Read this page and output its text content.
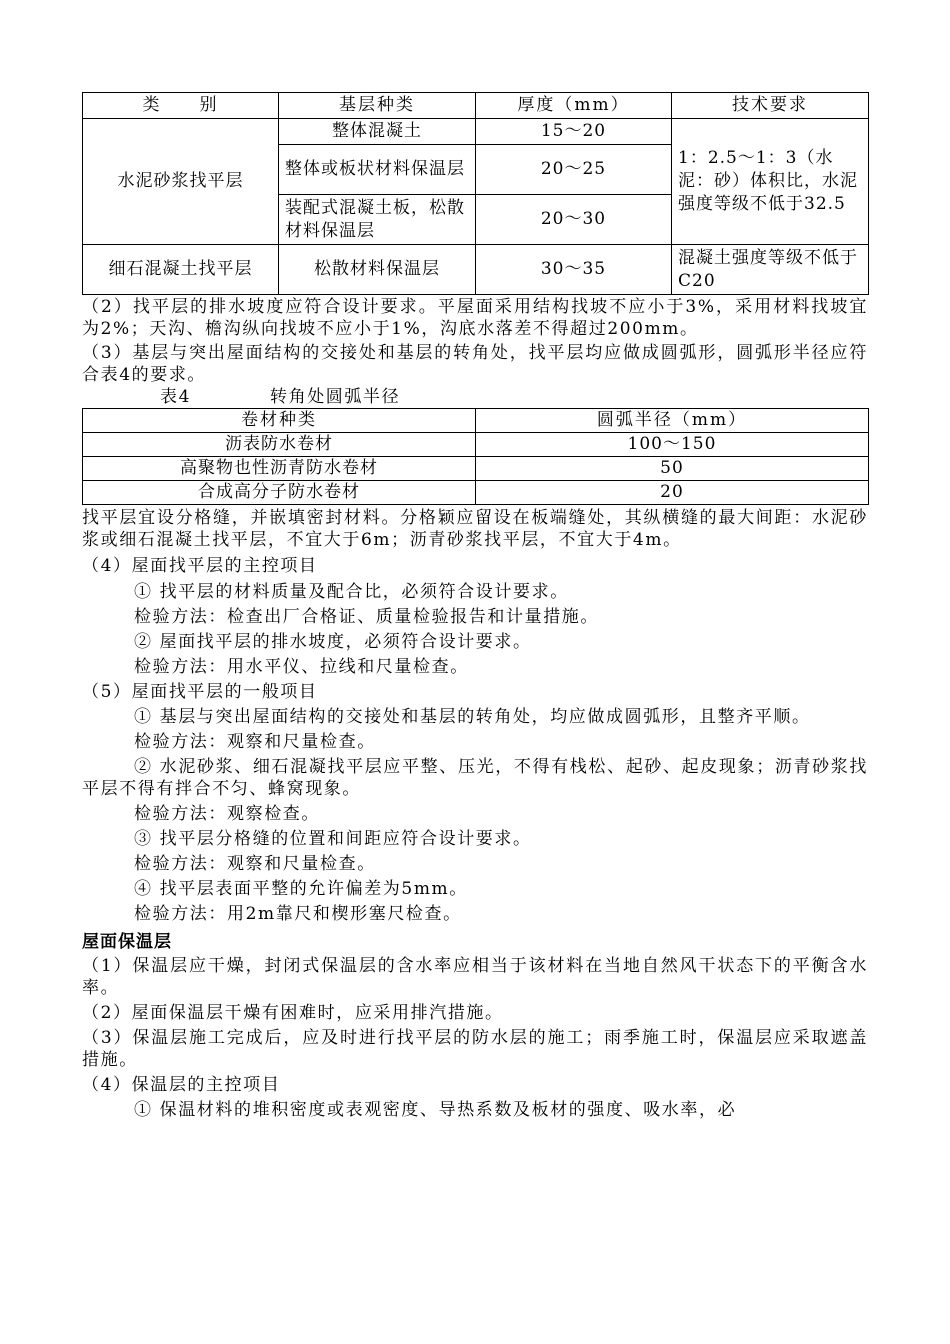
类　　别	基层种类	厚度（mm）	技术要求
水泥砂浆找平层	整体混凝土	15～20	1：2.5～1：3（水泥：砂）体积比，水泥强度等级不低于32.5
	整体或板状材料保温层	20～25	
	装配式混凝土板，松散材料保温层	20～30	
细石混凝土找平层	松散材料保温层	30～35	混凝土强度等级不低于C20

（2）找平层的排水坡度应符合设计要求。平屋面采用结构找坡不应小于3%，采用材料找坡宜为2%；天沟、檐沟纵向找坡不应小于1%，沟底水落差不得超过200mm。

（3）基层与突出屋面结构的交接处和基层的转角处，找平层均应做成圆弧形，圆弧形半径应符合表4的要求。

表4	转角处圆弧半径

卷材种类	圆弧半径（mm）
沥表防水卷材	100～150
高聚物也性沥青防水卷材	50
合成高分子防水卷材	20

找平层宜设分格缝，并嵌填密封材料。分格颖应留设在板端缝处，其纵横缝的最大间距：水泥砂浆或细石混凝土找平层，不宜大于6m；沥青砂浆找平层，不宜大于4m。

（4）屋面找平层的主控项目

① 找平层的材料质量及配合比，必须符合设计要求。

检验方法：检查出厂合格证、质量检验报告和计量措施。

② 屋面找平层的排水坡度，必须符合设计要求。

检验方法：用水平仪、拉线和尺量检查。

（5）屋面找平层的一般项目

① 基层与突出屋面结构的交接处和基层的转角处，均应做成圆弧形，且整齐平顺。

检验方法：观察和尺量检查。

② 水泥砂浆、细石混凝找平层应平整、压光，不得有栈松、起砂、起皮现象；沥青砂浆找平层不得有拌合不匀、蜂窝现象。

检验方法：观察检查。

③ 找平层分格缝的位置和间距应符合设计要求。

检验方法：观察和尺量检查。

④ 找平层表面平整的允许偏差为5mm。

检验方法：用2m靠尺和楔形塞尺检查。

屋面保温层

（1）保温层应干燥，封闭式保温层的含水率应相当于该材料在当地自然风干状态下的平衡含水率。

（2）屋面保温层干燥有困难时，应采用排汽措施。

（3）保温层施工完成后，应及时进行找平层的防水层的施工；雨季施工时，保温层应采取遮盖措施。

（4）保温层的主控项目

① 保温材料的堆积密度或表观密度、导热系数及板材的强度、吸水率，必
